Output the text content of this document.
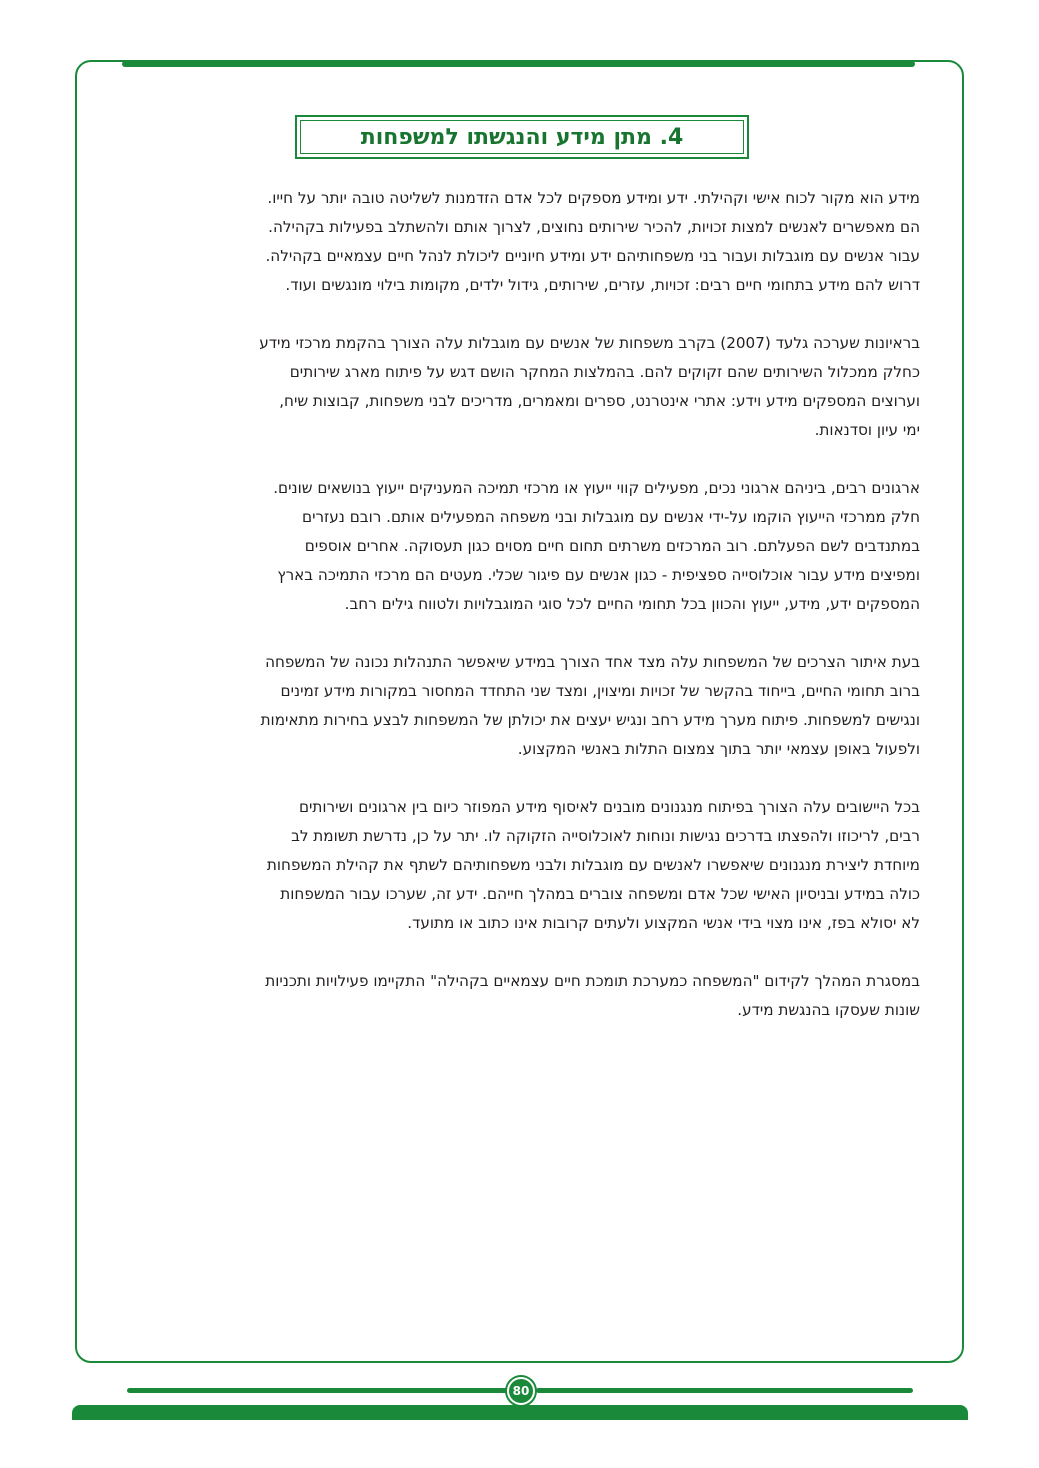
4. מתן מידע והנגשתו למשפחות

מידע הוא מקור לכוח אישי וקהילתי. ידע ומידע מספקים לכל אדם הזדמנות לשליטה טובה יותר על חייו.
הם מאפשרים לאנשים למצות זכויות, להכיר שירותים נחוצים, לצרוך אותם ולהשתלב בפעילות בקהילה.
עבור אנשים עם מוגבלות ועבור בני משפחותיהם ידע ומידע חיוניים ליכולת לנהל חיים עצמאיים בקהילה.
דרוש להם מידע בתחומי חיים רבים: זכויות, עזרים, שירותים, גידול ילדים, מקומות בילוי מונגשים ועוד.

בראיונות שערכה גלעד (2007) בקרב משפחות של אנשים עם מוגבלות עלה הצורך בהקמת מרכזי מידע
כחלק ממכלול השירותים שהם זקוקים להם. בהמלצות המחקר הושם דגש על פיתוח מארג שירותים
וערוצים המספקים מידע וידע: אתרי אינטרנט, ספרים ומאמרים, מדריכים לבני משפחות, קבוצות שיח,
ימי עיון וסדנאות.

ארגונים רבים, ביניהם ארגוני נכים, מפעילים קווי ייעוץ או מרכזי תמיכה המעניקים ייעוץ בנושאים שונים.
חלק ממרכזי הייעוץ הוקמו על-ידי אנשים עם מוגבלות ובני משפחה המפעילים אותם. רובם נעזרים
במתנדבים לשם הפעלתם. רוב המרכזים משרתים תחום חיים מסוים כגון תעסוקה. אחרים אוספים
ומפיצים מידע עבור אוכלוסייה ספציפית - כגון אנשים עם פיגור שכלי. מעטים הם מרכזי התמיכה בארץ
המספקים ידע, מידע, ייעוץ והכוון בכל תחומי החיים לכל סוגי המוגבלויות ולטווח גילים רחב.

בעת איתור הצרכים של המשפחות עלה מצד אחד הצורך במידע שיאפשר התנהלות נכונה של המשפחה
ברוב תחומי החיים, בייחוד בהקשר של זכויות ומיצוין, ומצד שני התחדד המחסור במקורות מידע זמינים
ונגישים למשפחות. פיתוח מערך מידע רחב ונגיש יעצים את יכולתן של המשפחות לבצע בחירות מתאימות
ולפעול באופן עצמאי יותר בתוך צמצום התלות באנשי המקצוע.

בכל היישובים עלה הצורך בפיתוח מנגנונים מובנים לאיסוף מידע המפוזר כיום בין ארגונים ושירותים
רבים, לריכוזו ולהפצתו בדרכים נגישות ונוחות לאוכלוסייה הזקוקה לו. יתר על כן, נדרשת תשומת לב
מיוחדת ליצירת מנגנונים שיאפשרו לאנשים עם מוגבלות ולבני משפחותיהם לשתף את קהילת המשפחות
כולה במידע ובניסיון האישי שכל אדם ומשפחה צוברים במהלך חייהם. ידע זה, שערכו עבור המשפחות
לא יסולא בפז, אינו מצוי בידי אנשי המקצוע ולעתים קרובות אינו כתוב או מתועד.

במסגרת המהלך לקידום "המשפחה כמערכת תומכת חיים עצמאיים בקהילה" התקיימו פעילויות ותכניות
שונות שעסקו בהנגשת מידע.

80
